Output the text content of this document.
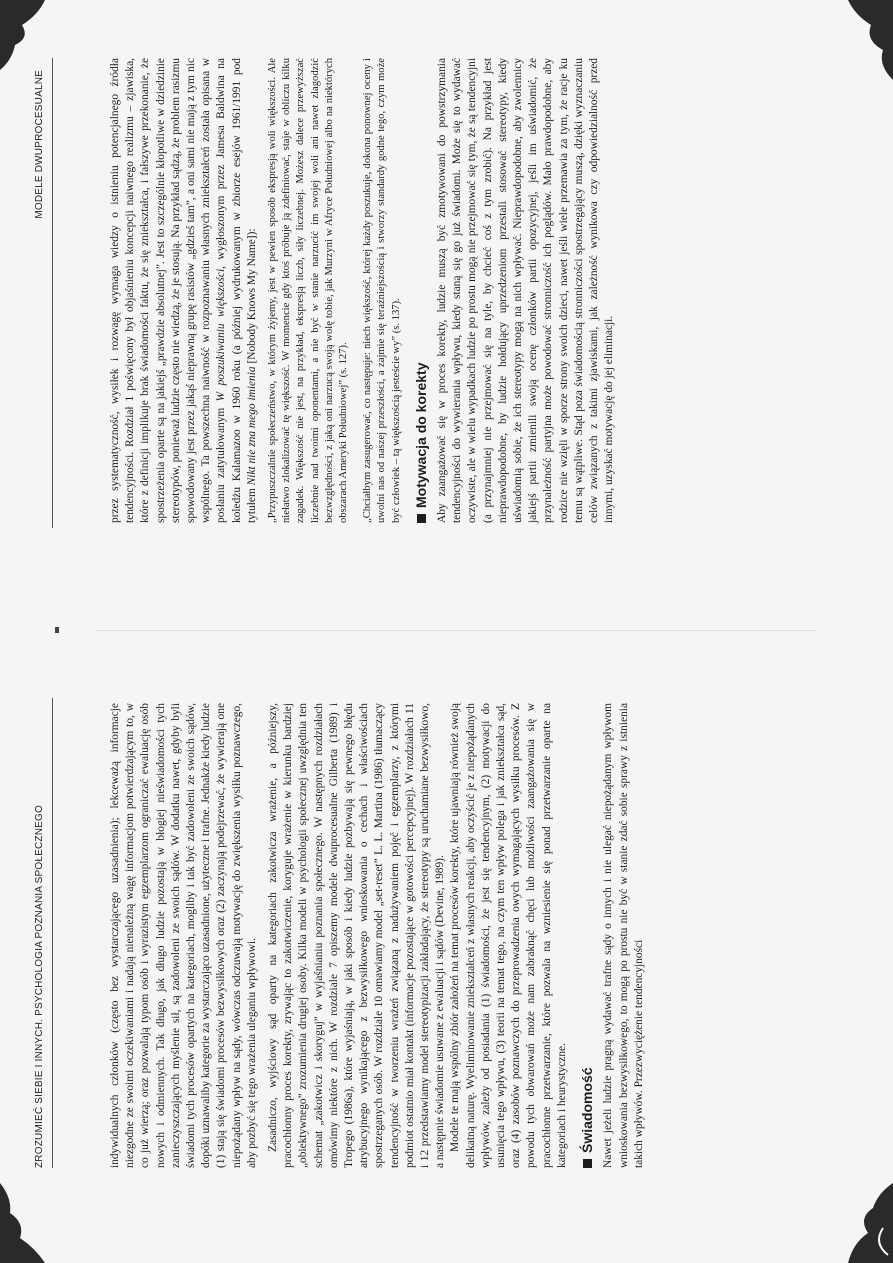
ZROZUMIEĆ SIEBIE I INNYCH. PSYCHOLOGIA POZNANIA SPOŁECZNEGO
MODELE DWUPROCESUALNE

indywidualnych członków (często bez wystarczającego uzasadnienia); lekceważą informacje niezgodne ze swoimi oczekiwaniami i nadają nienależną wagę informacjom potwierdzającym to, w co już wierzą; oraz pozwalają typom osób i wyrazistym egzemplarzom ograniczać ewaluację osób nowych i odmiennych. Tak długo, jak długo ludzie pozostają w błogiej nieświadomości tych zanieczyszczających myślenie sił, są zadowoleni ze swoich sądów. W dodatku nawet, gdyby byli świadomi tych procesów opartych na kategoriach, mogliby i tak być zadowoleni ze swoich sądów, dopóki uznawaliby kategorie za wystarczająco uzasadnione, użyteczne i trafne. Jednakże kiedy ludzie (1) stają się świadomi procesów bezwysiłkowych oraz (2) zaczynają podejrzewać, że wywierają one niepożądany wpływ na sądy, wówczas odczuwają motywację do zwiększenia wysiłku poznawczego, aby pozbyć się tego wrażenia uleganiu wpływowi. Zasadniczo, wyjściowy sąd oparty na kategoriach zakotwicza wrażenie, a późniejszy, pracochłonny proces korekty, zrywając to zakotwiczenie, koryguje wrażenie w kierunku bardziej „obiektywnego” zrozumienia drugiej osoby. Kilka modeli w psychologii społecznej uwzględnia ten schemat „zakotwicz i skoryguj” w wyjaśnianiu poznania społecznego. W następnych rozdziałach omówimy niektóre z nich. W rozdziale 7 opiszemy modele dwuprocesualne Gilberta (1989) i Tropego (1986a), które wyjaśniają, w jaki sposób i kiedy ludzie pozbywają się pewnego błędu atrybucyjnego wynikającego z bezwysiłkowego wnioskowania o cechach i właściwościach spostrzeganych osób. W rozdziale 10 omawiamy model „set-reset” L. L. Martina (1986) tłumaczący tendencyjność w tworzeniu wrażeń związaną z nadużywaniem pojęć i egzemplarzy, z którymi podmiot ostatnio miał kontakt (informacje pozostające w gotowości percepcyjnej). W rozdziałach 11 i 12 przedstawiamy model stereotypizacji zakładający, że stereotypy są uruchamiane bezwysiłkowo, a następnie świadomie usuwane z ewaluacji i sądów (Devine, 1989). Modele te mają wspólny zbiór założeń na temat procesów korekty, które ujawniają również swoją delikatną naturę. Wyeliminowanie zniekształceń z własnych reakcji, aby oczyścić je z niepożądanych wpływów, zależy od posiadania (1) świadomości, że jest się tendencyjnym, (2) motywacji do usunięcia tego wpływu, (3) teorii na temat tego, na czym ten wpływ polega i jak zniekształca sąd, oraz (4) zasobów poznawczych do przeprowadzenia owych wymagających wysiłku procesów. Z powodu tych obwarowań może nam zabraknąć chęci lub możliwości zaangażowania się w pracochłonne przetwarzanie, które pozwala na wzniesienie się ponad przetwarzanie oparte na kategoriach i heurystyczne. Świadomość Nawet jeżeli ludzie pragną wydawać trafne sądy o innych i nie ulegać niepożądanym wpływom wnioskowania bezwysiłkowego, to mogą po prostu nie być w stanie zdać sobie sprawy z istnienia takich wpływów. Przezwyciężenie tendencyjności

przez systematyczność, wysiłek i rozwagę wymaga wiedzy o istnieniu potencjalnego źródła tendencyjności. Rozdział 1 poświęcony był objaśnieniu koncepcji naiwnego realizmu – zjawiska, które z definicji implikuje brak świadomości faktu, że się zniekształca, i fałszywe przekonanie, że spostrzeżenia oparte są na jakiejś „prawdzie absolutnej”. Jest to szczególnie kłopotliwe w dziedzinie stereotypów, ponieważ ludzie często nie wiedzą, że je stosują. Na przykład sądzą, że problem rasizmu spowodowany jest przez jakąś nieprawną grupę rasistów „gdzieś tam”, a oni sami nie mają z tym nic wspólnego. Ta powszechna naiwność w rozpoznawaniu własnych zniekształceń została opisana w posłaniu zatytułowanym W poszukiwaniu większości, wygłoszonym przez Jamesa Baldwina na koledżu Kalamazoo w 1960 roku (a później wydrukowanym w zbiorze esejów 1961/1991 pod tytułem Nikt nie zna mego imienia [Nobody Knows My Name]): „Przypuszczalnie społeczeństwo, w którym żyjemy, jest w pewien sposób ekspresją woli większości. Ale niełatwo zlokalizować tę większość. W momencie gdy ktoś próbuje ją zdefiniować, staje w obliczu kilku zagadek. Większość nie jest, na przykład, ekspresją liczb, siły liczebnej. Możesz dalece przewyższać liczebnie nad twoimi oponentami, a nie być w stanie narzucić im swojej woli ani nawet zlagodzić bezwzględności, z jaką oni narzucą swoją wolę tobie, jak Murzyni w Afryce Południowej albo na niektórych obszarach Ameryki Południowej” (s. 127). „Chciałbym zasugerować, co następuje: niech większość, której każdy poszukuje, dokona ponownej oceny i uwolni nas od naszej przeszłości, a zajmie się teraźniejszością i stworzy standardy godne tego, czym może być człowiek – tą większością jesteście wy” (s. 137). Motywacja do korekty Aby zaangażować się w proces korekty, ludzie muszą być zmotywowani do powstrzymania tendencyjności do wywierania wpływu, kiedy staną się go już świadomi. Może się to wydawać oczywiste, ale w wielu wypadkach ludzie po prostu mogą nie przejmować się tym, że są tendencyjni (a przynajmniej nie przejmować się na tyle, by chcieć coś z tym zrobić). Na przykład jest nieprawdopodobne, by ludzie hołdujący uprzedzeniom przestali stosować stereotypy, kiedy uświadomią sobie, że ich stereotypy mogą na nich wpływać. Nieprawdopodobne, aby zwolennicy jakiejś partii zmienili swoją ocenę członków partii opozycyjnej, jeśli im uświadomić, że przynależność partyjna może powodować stronniczość ich poglądów. Mało prawdopodobne, aby rodzice nie wzięli w sporze strony swoich dzieci, nawet jeśli wiele przemawia za tym, że racje ku temu są wątpliwe. Stąd poza świadomością stronniczości spostrzegający muszą, dzięki wyznaczaniu celów związanych z takimi zjawiskami, jak zależność wynikowa czy odpowiedzialność przed innymi, uzyskać motywację do jej eliminacji.
